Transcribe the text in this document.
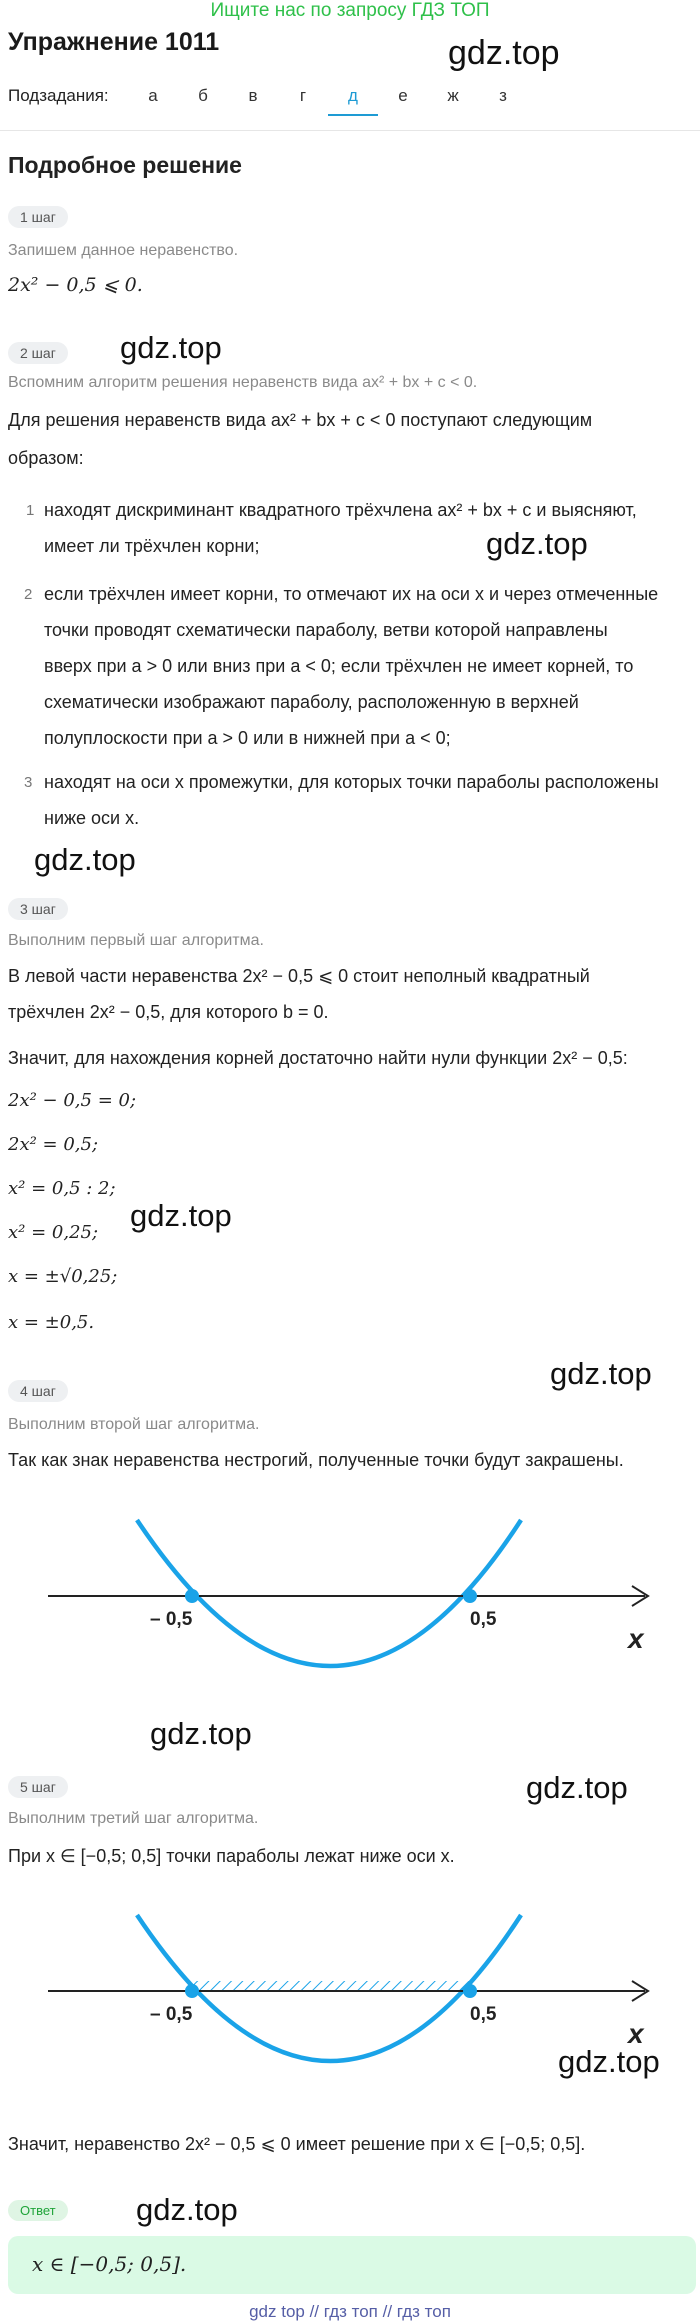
Ищите нас по запросу ГДЗ ТОП
Упражнение 1011	gdz.top
Подзадания:	а	б	в	г	д	е	ж	з
Подробное решение
1 шаг
Запишем данное неравенство.
2x² − 0,5 ⩽ 0.
2 шаг	gdz.top
Вспомним алгоритм решения неравенств вида ax² + bx + c < 0.
Для решения неравенств вида ax² + bx + c < 0 поступают следующим
образом:
1 находят дискриминант квадратного трёхчлена ax² + bx + c и выясняют,
имеет ли трёхчлен корни;	gdz.top
2 если трёхчлен имеет корни, то отмечают их на оси x и через отмеченные
точки проводят схематически параболу, ветви которой направлены
вверх при a > 0 или вниз при a < 0; если трёхчлен не имеет корней, то
схематически изображают параболу, расположенную в верхней
полуплоскости при a > 0 или в нижней при a < 0;
3 находят на оси x промежутки, для которых точки параболы расположены
ниже оси x.
gdz.top
3 шаг
Выполним первый шаг алгоритма.
В левой части неравенства 2x² − 0,5 ⩽ 0 стоит неполный квадратный
трёхчлен 2x² − 0,5, для которого b = 0.
Значит, для нахождения корней достаточно найти нули функции 2x² − 0,5:
2x² − 0,5 = 0;
2x² = 0,5;
x² = 0,5 : 2;
x² = 0,25; gdz.top
x = ±√0,25;
x = ±0,5.
gdz.top
4 шаг
Выполним второй шаг алгоритма.
Так как знак неравенства нестрогий, полученные точки будут закрашены.
– 0,5	0,5
x
gdz.top
gdz.top
5 шаг
Выполним третий шаг алгоритма.
При x ∈ [−0,5; 0,5] точки параболы лежат ниже оси x.
– 0,5	0,5
x
gdz.top
Значит, неравенство 2x² − 0,5 ⩽ 0 имеет решение при x ∈ [−0,5; 0,5].
Ответ	gdz.top
x ∈ [−0,5; 0,5].
gdz top // гдз топ // гдз топ
